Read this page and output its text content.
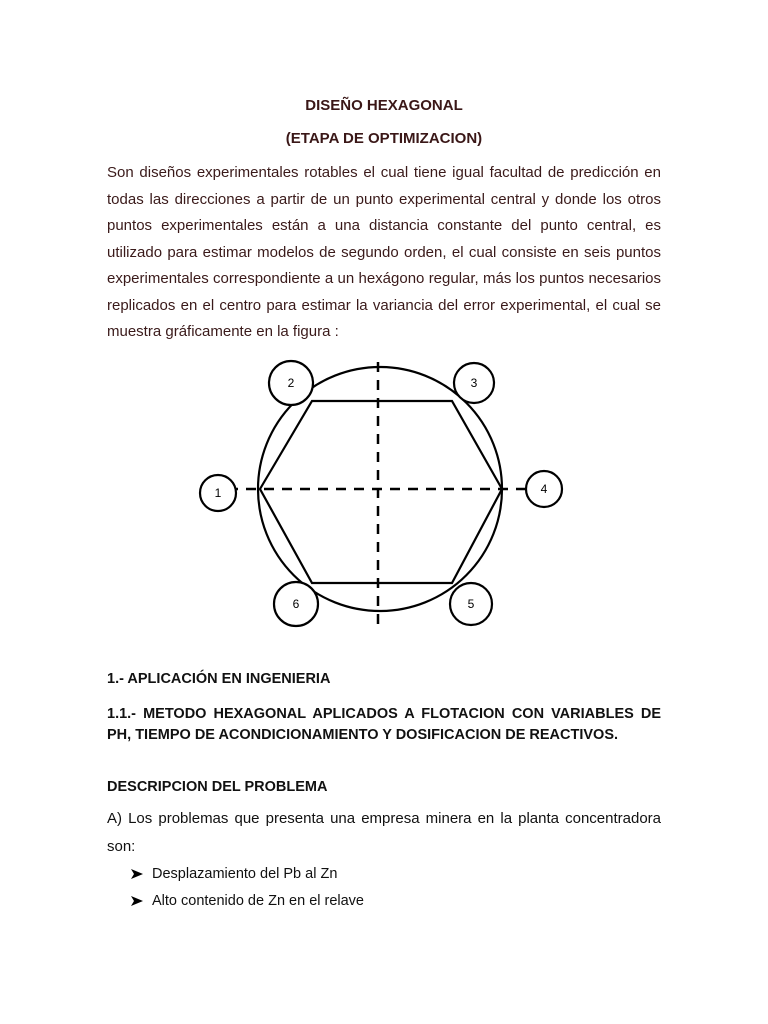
DISEÑO HEXAGONAL
(ETAPA DE OPTIMIZACION)
Son diseños experimentales rotables el cual tiene igual facultad de predicción en todas las direcciones a partir de un punto experimental central y donde los otros puntos experimentales están a una distancia constante del punto central, es utilizado para estimar modelos de segundo orden, el cual consiste en seis puntos experimentales correspondiente a un hexágono regular, más los puntos necesarios replicados en el centro para estimar la variancia del error experimental, el cual se muestra gráficamente en la figura :
1
2	3
4
5
6
1.- APLICACIÓN EN INGENIERIA
1.1.- METODO HEXAGONAL APLICADOS A FLOTACION CON VARIABLES DE PH, TIEMPO DE ACONDICIONAMIENTO Y DOSIFICACION DE REACTIVOS.
DESCRIPCION DEL PROBLEMA
A) Los problemas que presenta una empresa minera en la planta concentradora son:
Desplazamiento del Pb al Zn
Alto contenido de Zn en el relave
